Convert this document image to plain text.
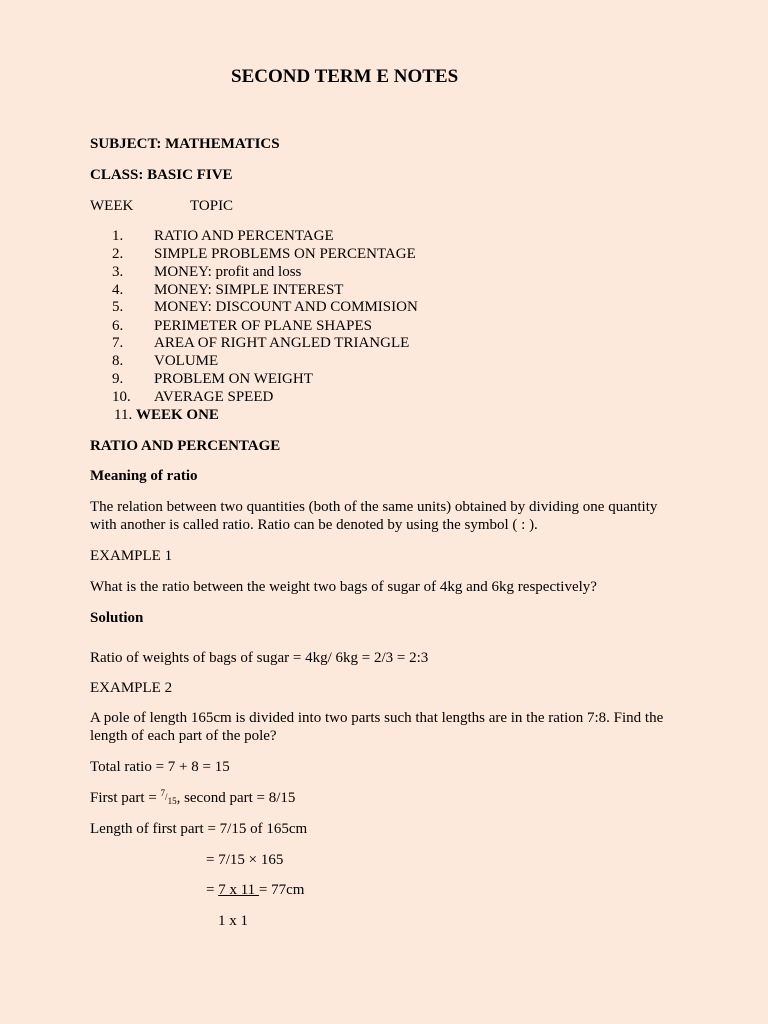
SECOND TERM E NOTES
SUBJECT: MATHEMATICS
CLASS: BASIC FIVE
WEEK	TOPIC
1. RATIO AND PERCENTAGE
2. SIMPLE PROBLEMS ON PERCENTAGE
3. MONEY: profit and loss
4. MONEY: SIMPLE INTEREST
5. MONEY: DISCOUNT AND COMMISION
6. PERIMETER OF PLANE SHAPES
7. AREA OF RIGHT ANGLED TRIANGLE
8. VOLUME
9. PROBLEM ON WEIGHT
10. AVERAGE SPEED
11. WEEK ONE
RATIO AND PERCENTAGE
Meaning of ratio
The relation between two quantities (both of the same units) obtained by dividing one quantity
with another is called ratio. Ratio can be denoted by using the symbol ( : ).
EXAMPLE 1
What is the ratio between the weight two bags of sugar of 4kg and 6kg respectively?
Solution
Ratio of weights of bags of sugar = 4kg/ 6kg = 2/3 = 2:3
EXAMPLE 2
A pole of length 165cm is divided into two parts such that lengths are in the ration 7:8. Find the
length of each part of the pole?
Total ratio = 7 + 8 = 15
First part = $^7$/15, second part = 8/15
Length of first part = 7/15 of 165cm
= 7/15 × 165
= 7 x 11 = 77cm
1 x 1
